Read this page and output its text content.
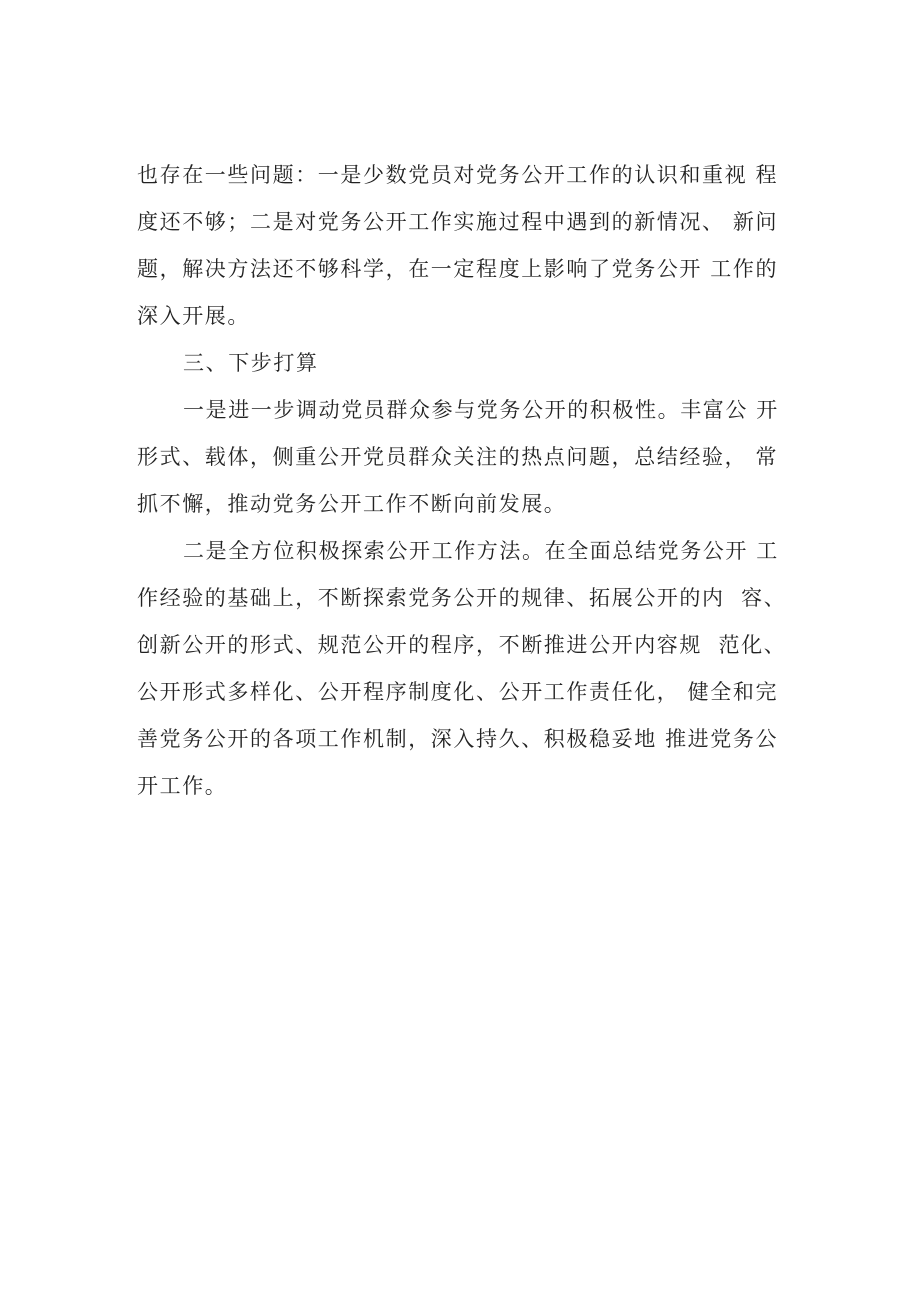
也存在一些问题：一是少数党员对党务公开工作的认识和重视 程
度还不够；二是对党务公开工作实施过程中遇到的新情况、 新问
题，解决方法还不够科学，在一定程度上影响了党务公开 工作的
深入开展。
三、下步打算
一是进一步调动党员群众参与党务公开的积极性。丰富公 开
形式、载体，侧重公开党员群众关注的热点问题，总结经验， 常
抓不懈，推动党务公开工作不断向前发展。
二是全方位积极探索公开工作方法。在全面总结党务公开 工
作经验的基础上，不断探索党务公开的规律、拓展公开的内  容、
创新公开的形式、规范公开的程序，不断推进公开内容规  范化、
公开形式多样化、公开程序制度化、公开工作责任化， 健全和完
善党务公开的各项工作机制，深入持久、积极稳妥地 推进党务公
开工作。
